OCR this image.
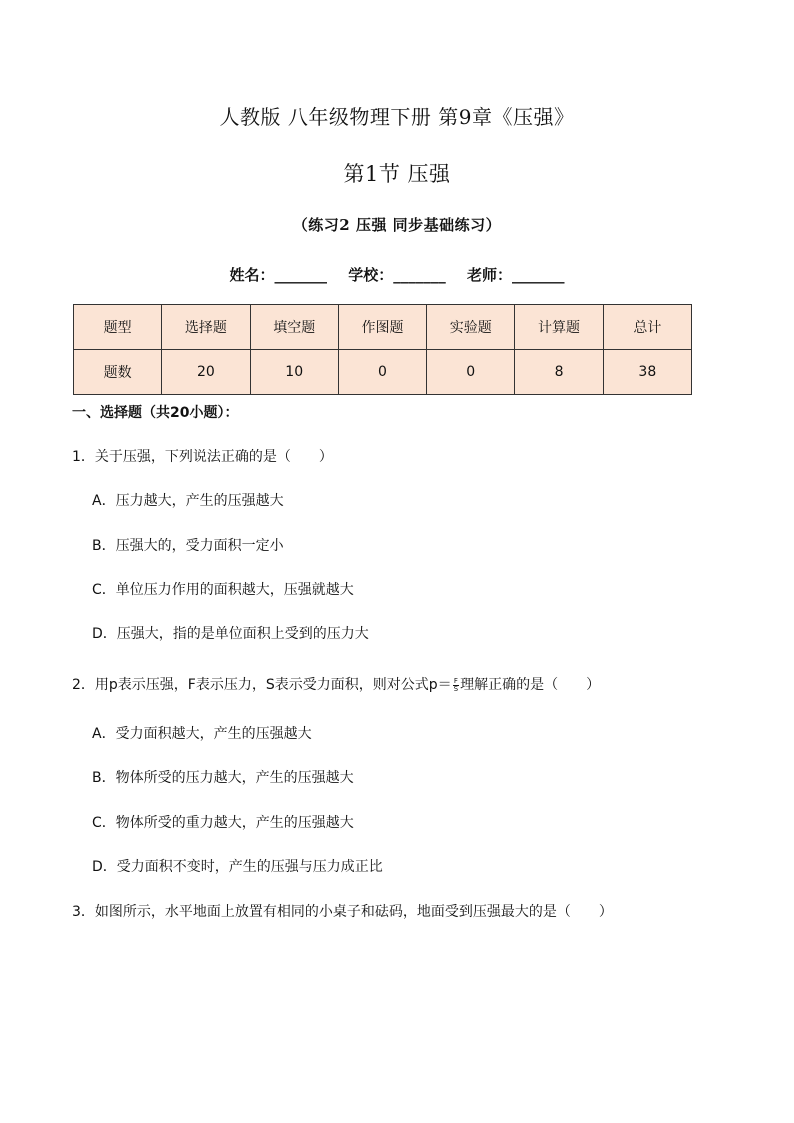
人教版 八年级物理下册 第9章《压强》
第1节 压强
（练习2 压强 同步基础练习）
姓名：_______ 学校：_______ 老师：_______
题型	选择题	填空题	作图题	实验题	计算题	总计
题数	20	10	0	0	8	38
一、选择题（共20小题）：
1．关于压强，下列说法正确的是（　　）
A．压力越大，产生的压强越大
B．压强大的，受力面积一定小
C．单位压力作用的面积越大，压强就越大
D．压强大，指的是单位面积上受到的压力大
2．用p表示压强，F表示压力，S表示受力面积，则对公式$p= \frac{F}{S}$ 理解正确的是（　　）
A．受力面积越大，产生的压强越大
B．物体所受的压力越大，产生的压强越大
C．物体所受的重力越大，产生的压强越大
D．受力面积不变时，产生的压强与压力成正比
3．如图所示，水平地面上放置有相同的小桌子和砝码，地面受到压强最大的是（　　）
